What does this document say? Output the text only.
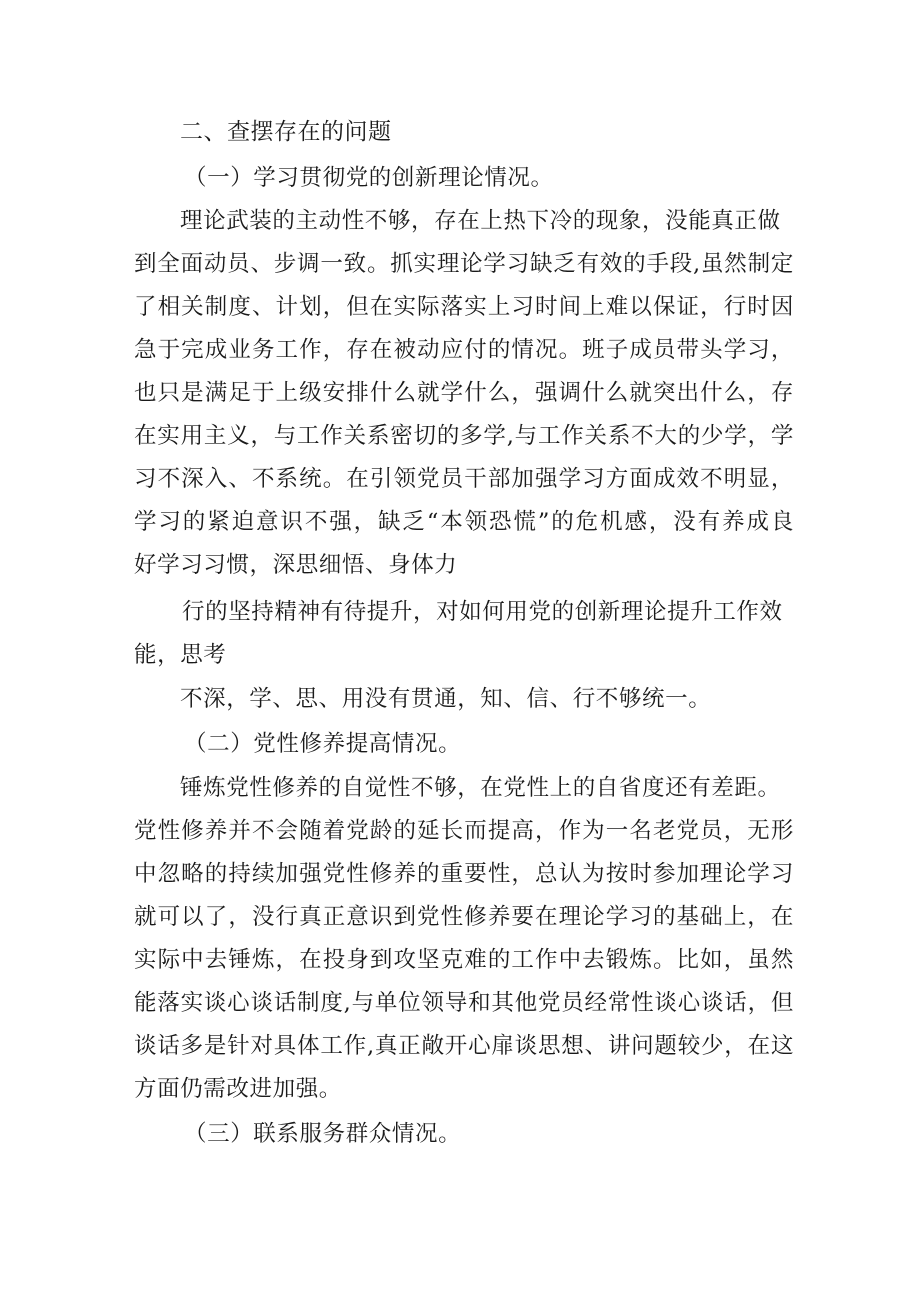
二、查摆存在的问题
（一）学习贯彻党的创新理论情况。
理论武装的主动性不够，存在上热下冷的现象，没能真正做
到全面动员、步调一致。抓实理论学习缺乏有效的手段,虽然制定
了相关制度、计划，但在实际落实上习时间上难以保证，行时因
急于完成业务工作，存在被动应付的情况。班子成员带头学习，
也只是满足于上级安排什么就学什么，强调什么就突出什么，存
在实用主义，与工作关系密切的多学,与工作关系不大的少学，学
习不深入、不系统。在引领党员干部加强学习方面成效不明显，
学习的紧迫意识不强，缺乏“本领恐慌”的危机感，没有养成良
好学习习惯，深思细悟、身体力
行的坚持精神有待提升，对如何用党的创新理论提升工作效
能，思考
不深，学、思、用没有贯通，知、信、行不够统一。
（二）党性修养提高情况。
锤炼党性修养的自觉性不够，在党性上的自省度还有差距。
党性修养并不会随着党龄的延长而提高，作为一名老党员，无形
中忽略的持续加强党性修养的重要性，总认为按时参加理论学习
就可以了，没行真正意识到党性修养要在理论学习的基础上，在
实际中去锤炼，在投身到攻坚克难的工作中去锻炼。比如，虽然
能落实谈心谈话制度,与单位领导和其他党员经常性谈心谈话，但
谈话多是针对具体工作,真正敞开心扉谈思想、讲问题较少，在这
方面仍需改进加强。
（三）联系服务群众情况。
